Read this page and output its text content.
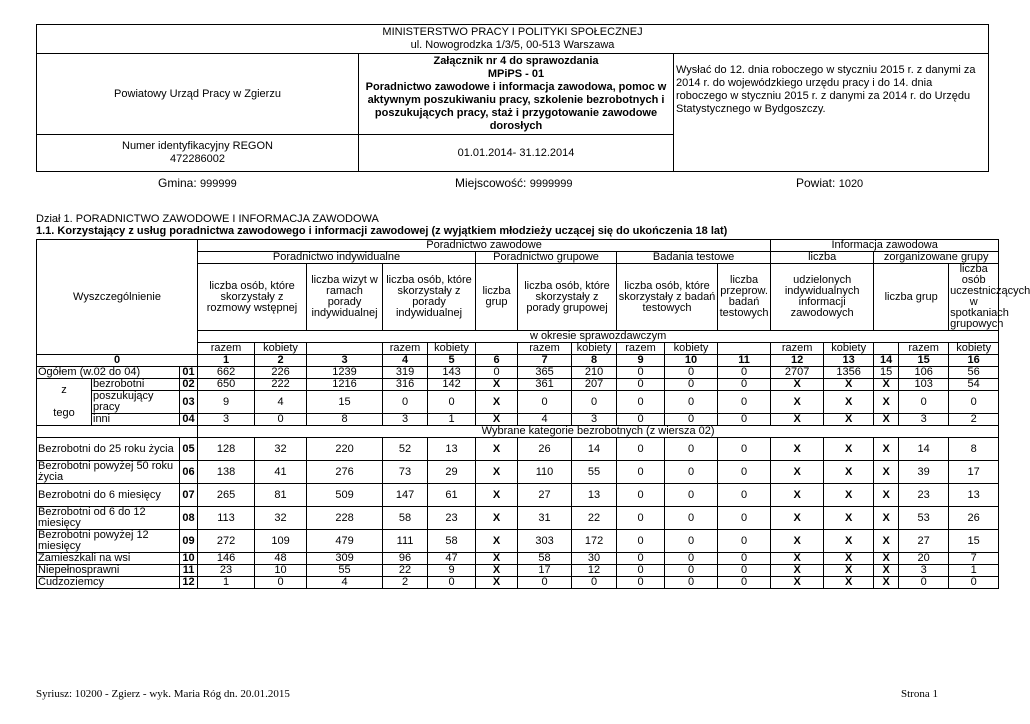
MINISTERSTWO PRACY I POLITYKI SPOŁECZNEJ
ul. Nowogrodzka 1/3/5, 00-513 Warszawa		

Powiatowy Urząd Pracy w Zgierzu	Załącznik nr 4 do sprawozdania
MPiPS - 01
Poradnictwo zawodowe i informacja zawodowa, pomoc w aktywnym poszukiwaniu pracy, szkolenie bezrobotnych i poszukujących pracy, staż i przygotowanie zawodowe dorosłych	Wysłać do 12. dnia roboczego w styczniu 2015 r. z danymi za 2014 r. do wojewódzkiego urzędu pracy i do 14. dnia roboczego w styczniu 2015 r. z danymi za 2014 r. do Urzędu Statystycznego w Bydgoszczy.

Numer identyfikacyjny REGON
472286002	01.01.2014- 31.12.2014	
Gmina: 999999	Miejscowość: 9999999	Powiat: 1020
Dział 1. PORADNICTWO ZAWODOWE I INFORMACJA ZAWODOWA
1.1. Korzystający z usług poradnictwa zawodowego i informacji zawodowej (z wyjątkiem młodzieży uczącej się do ukończenia 18 lat)
Wyszczególnienie			Poradnictwo zawodowe											Informacja zawodowa				
			Poradnictwo indywidualne					Poradnictwo grupowe			Badania testowe			liczba		zorganizowane grupy		
			liczba osób, które skorzystały z rozmowy wstępnej		liczba wizyt w ramach porady indywidualnej	liczba osób, które skorzystały z porady indywidualnej		liczba grup	liczba osób, które skorzystały z porady grupowej		liczba osób, które skorzystały z badań testowych		liczba przeprow. badań testowych	udzielonych indywidualnych informacji zawodowych		liczba grup		liczba osób uczestniczących w spotkaniach grupowych
			w okresie sprawozdawczym															
			razem	kobiety		razem	kobiety		razem	kobiety	razem	kobiety		razem	kobiety		razem	kobiety
0			1	2	3	4	5	6	7	8	9	10	11	12	13	14	15	16
Ogółem (w.02 do 04)		01	662	226	1239	319	143	0	365	210	0	0	0	2707	1356	15	106	56

z
tego	bezrobotni	02	650	222	1216	316	142	X	361	207	0	0	0	X	X	X	103	54
	poszukujący pracy	03	9	4	15	0	0	X	0	0	0	0	0	X	X	X	0	0
	inni	04	3	0	8	3	1	X	4	3	0	0	0	X	X	X	3	2
			Wybrane kategorie bezrobotnych (z wiersza 02)															
Bezrobotni do 25 roku życia		05	128	32	220	52	13	X	26	14	0	0	0	X	X	X	14	8
Bezrobotni powyżej 50 roku życia		06	138	41	276	73	29	X	110	55	0	0	0	X	X	X	39	17
Bezrobotni do 6 miesięcy		07	265	81	509	147	61	X	27	13	0	0	0	X	X	X	23	13
Bezrobotni od 6 do 12 miesięcy		08	113	32	228	58	23	X	31	22	0	0	0	X	X	X	53	26
Bezrobotni powyżej 12 miesięcy		09	272	109	479	111	58	X	303	172	0	0	0	X	X	X	27	15
Zamieszkali na wsi		10	146	48	309	96	47	X	58	30	0	0	0	X	X	X	20	7
Niepełnosprawni		11	23	10	55	22	9	X	17	12	0	0	0	X	X	X	3	1
Cudzoziemcy		12	1	0	4	2	0	X	0	0	0	0	0	X	X	X	0	0
Syriusz: 10200 - Zgierz - wyk. Maria Róg dn. 20.01.2015	Strona 1
